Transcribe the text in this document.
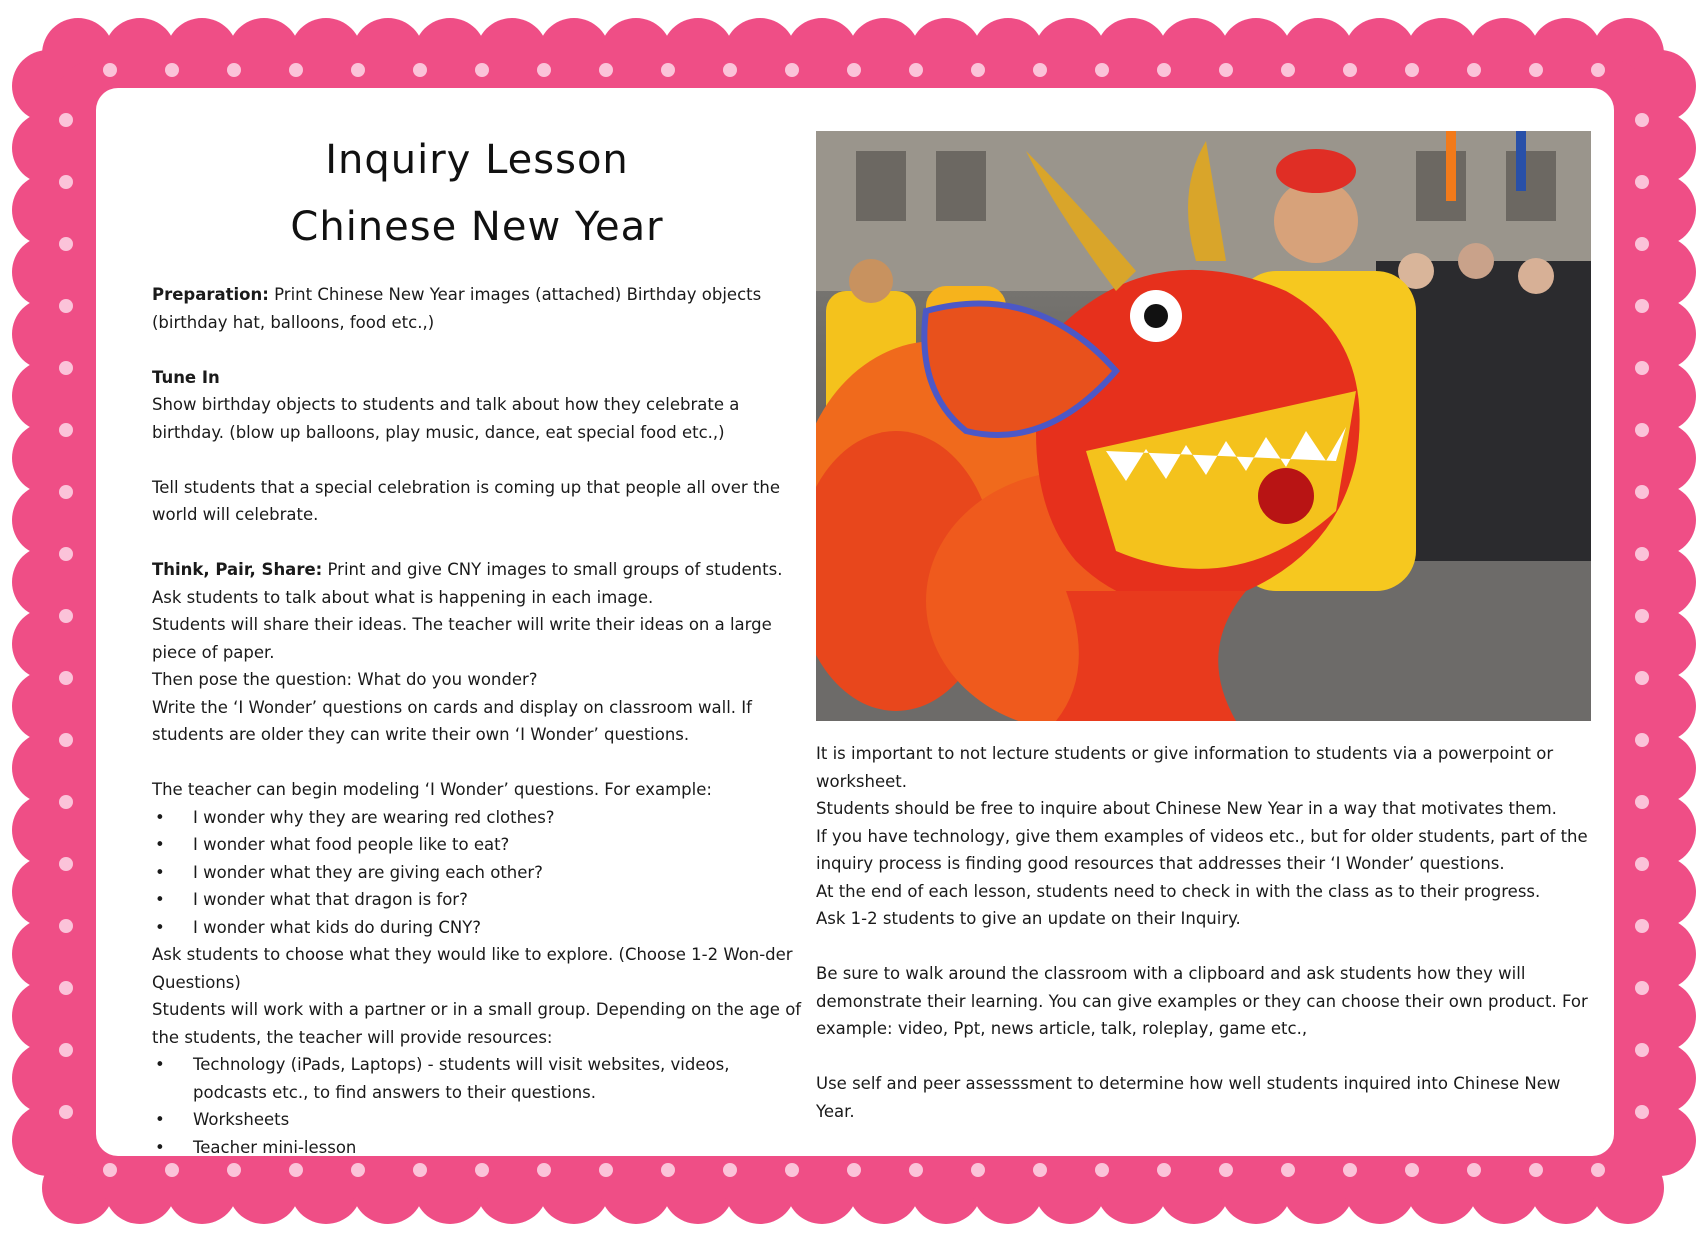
Inquiry Lesson
Chinese New Year

Preparation: Print Chinese New Year images (attached) Birthday objects (birthday hat, balloons, food etc.,)

Tune In

Show birthday objects to students and talk about how they celebrate a birthday. (blow up balloons, play music, dance, eat special food etc.,)

Tell students that a special celebration is coming up that people all over the world will celebrate.

Think, Pair, Share: Print and give CNY images to small groups of students.

Ask students to talk about what is happening in each image.

Students will share their ideas. The teacher will write their ideas on a large piece of paper.

Then pose the question: What do you wonder?

Write the ‘I Wonder’ questions on cards and display on classroom wall. If students are older they can write their own ‘I Wonder’ questions.

The teacher can begin modeling ‘I Wonder’ questions. For example:

• I wonder why they are wearing red clothes?
• I wonder what food people like to eat?
• I wonder what they are giving each other?
• I wonder what that dragon is for?
• I wonder what kids do during CNY?

Ask students to choose what they would like to explore. (Choose 1-2 Won-der Questions)

Students will work with a partner or in a small group. Depending on the age of the students, the teacher will provide resources:

• Technology (iPads, Laptops) - students will visit websites, videos, podcasts etc., to find answers to their questions.
• Worksheets
• Teacher mini-lesson

It is important to not lecture students or give information to students via a powerpoint or worksheet.

Students should be free to inquire about Chinese New Year in a way that motivates them.

If you have technology, give them examples of videos etc., but for older students, part of the inquiry process is finding good resources that addresses their ‘I Wonder’ questions.

At the end of each lesson, students need to check in with the class as to their progress.

Ask 1-2 students to give an update on their Inquiry.

Be sure to walk around the classroom with a clipboard and ask students how they will demonstrate their learning. You can give examples or they can choose their own product. For example: video, Ppt, news article, talk, roleplay, game etc.,

Use self and peer assesssment to determine how well students inquired into Chinese New Year.
